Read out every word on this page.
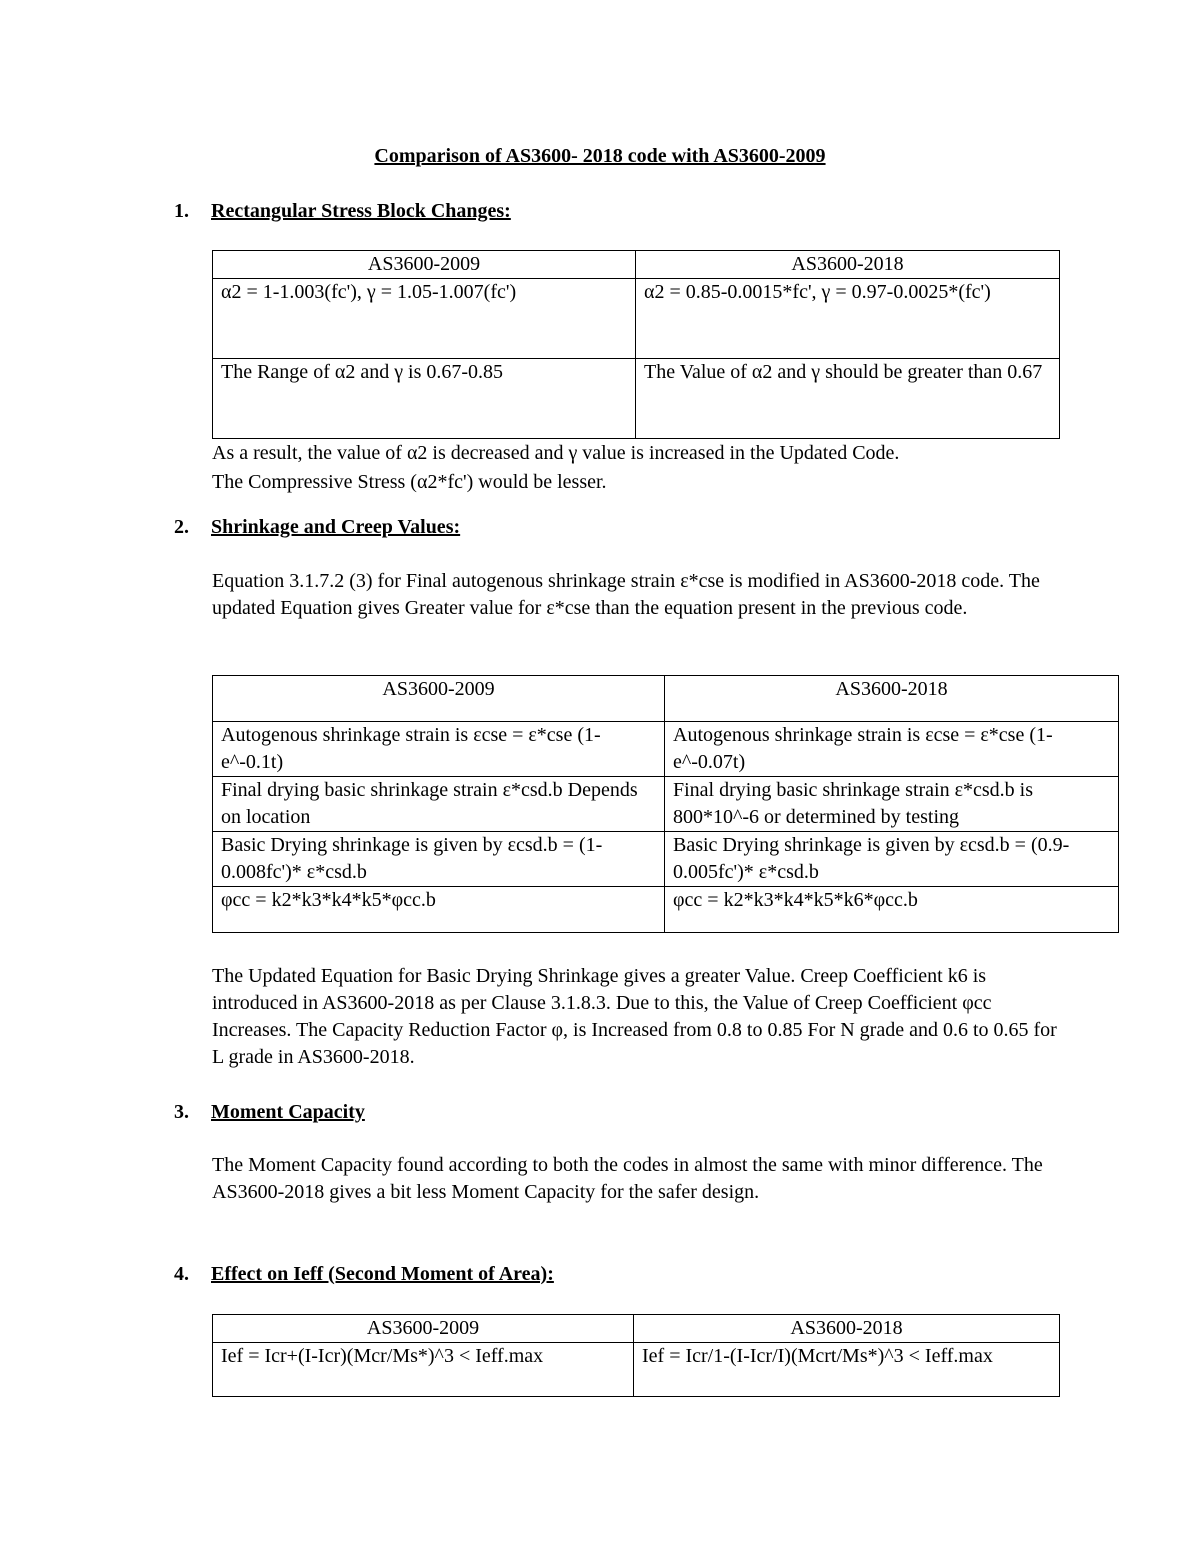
Comparison of AS3600- 2018 code with AS3600-2009
1. Rectangular Stress Block Changes:
AS3600-2009	AS3600-2018
α2 = 1-1.003(fc'), γ = 1.05-1.007(fc')	α2 = 0.85-0.0015*fc', γ = 0.97-0.0025*(fc')
The Range of α2 and γ is 0.67-0.85	The Value of α2 and γ should be greater than 0.67
As a result, the value of α2 is decreased and γ value is increased in the Updated Code.
The Compressive Stress (α2*fc') would be lesser.
2. Shrinkage and Creep Values:
Equation 3.1.7.2 (3) for Final autogenous shrinkage strain ε*cse is modified in AS3600-2018 code. The updated Equation gives Greater value for ε*cse than the equation present in the previous code.
AS3600-2009	AS3600-2018
Autogenous shrinkage strain is εcse = ε*cse (1-e^-0.1t)	Autogenous shrinkage strain is εcse = ε*cse (1-e^-0.07t)
Final drying basic shrinkage strain ε*csd.b Depends on location	Final drying basic shrinkage strain ε*csd.b is 800*10^-6 or determined by testing
Basic Drying shrinkage is given by εcsd.b = (1-0.008fc')* ε*csd.b	Basic Drying shrinkage is given by εcsd.b = (0.9-0.005fc')* ε*csd.b
φcc = k2*k3*k4*k5*φcc.b	φcc = k2*k3*k4*k5*k6*φcc.b
The Updated Equation for Basic Drying Shrinkage gives a greater Value. Creep Coefficient k6 is introduced in AS3600-2018 as per Clause 3.1.8.3. Due to this, the Value of Creep Coefficient φcc Increases. The Capacity Reduction Factor φ, is Increased from 0.8 to 0.85 For N grade and 0.6 to 0.65 for L grade in AS3600-2018.
3. Moment Capacity
The Moment Capacity found according to both the codes in almost the same with minor difference. The AS3600-2018 gives a bit less Moment Capacity for the safer design.
4. Effect on Ieff (Second Moment of Area):
AS3600-2009	AS3600-2018
Ief = Icr+(I-Icr)(Mcr/Ms*)^3 < Ieff.max	Ief = Icr/1-(I-Icr/I)(Mcrt/Ms*)^3 < Ieff.max
